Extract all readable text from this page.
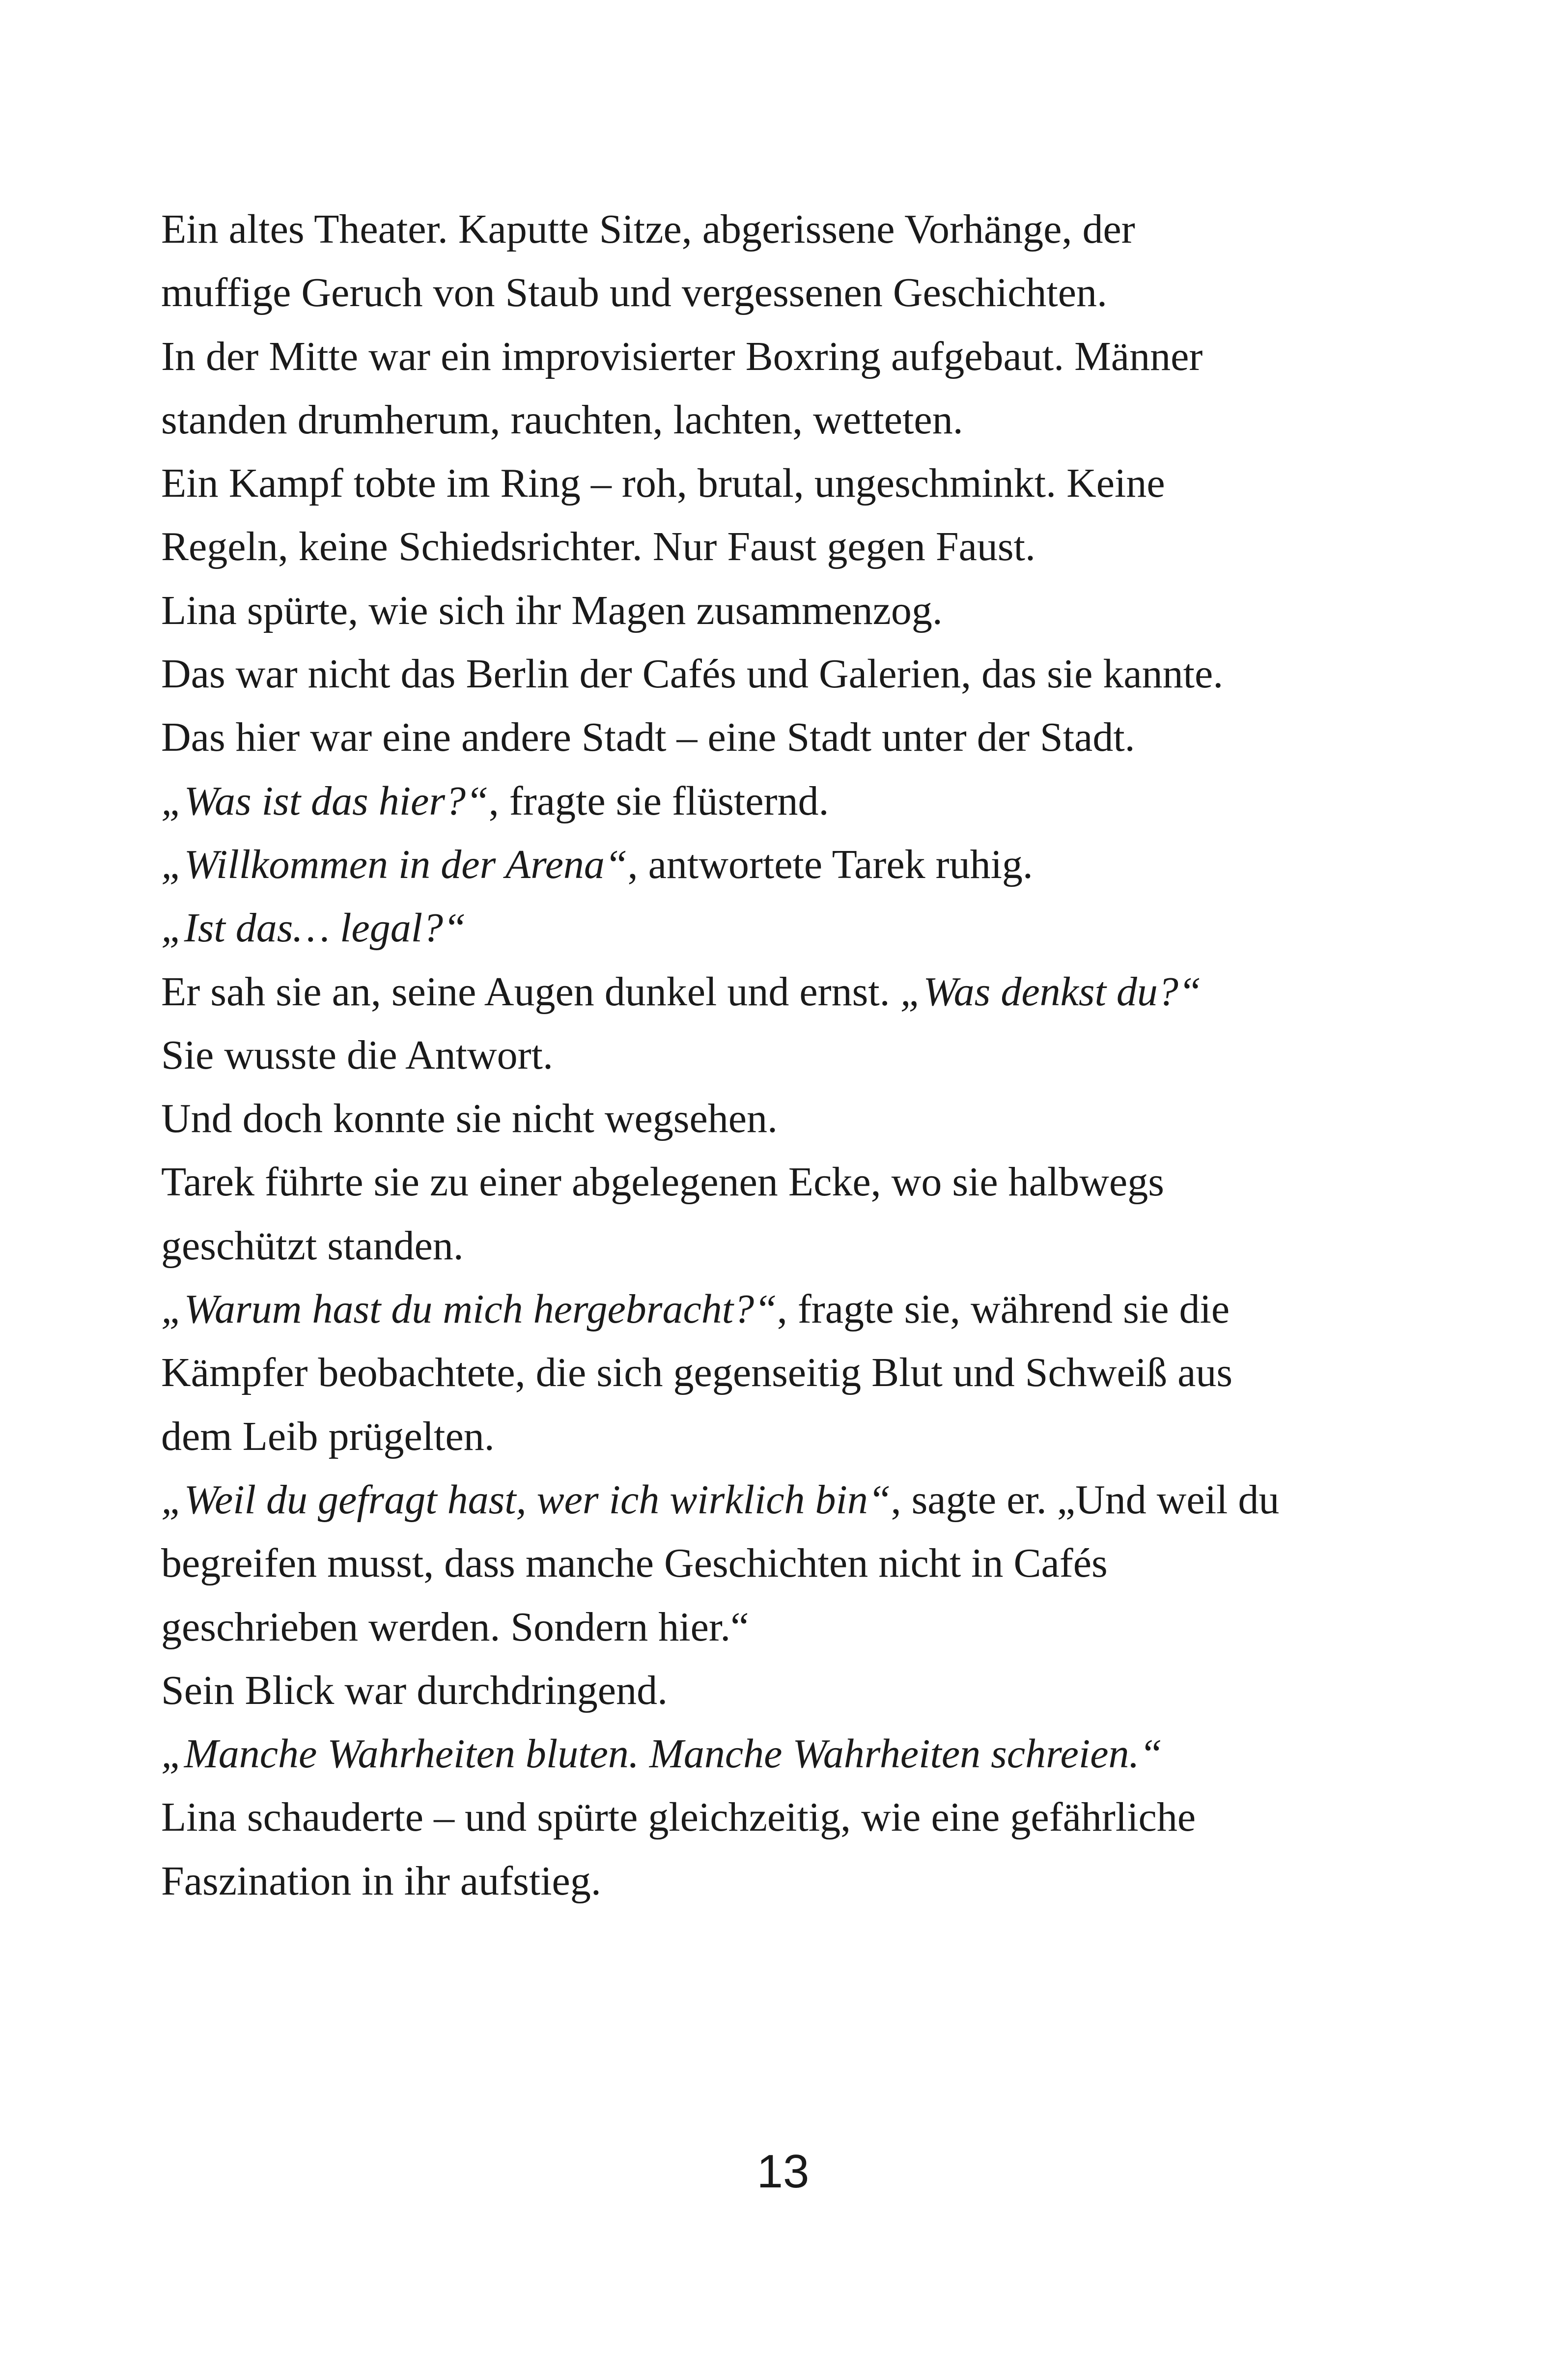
Ein altes Theater. Kaputte Sitze, abgerissene Vorhänge, der
muffige Geruch von Staub und vergessenen Geschichten.
In der Mitte war ein improvisierter Boxring aufgebaut. Männer
standen drumherum, rauchten, lachten, wetteten.
Ein Kampf tobte im Ring – roh, brutal, ungeschminkt. Keine
Regeln, keine Schiedsrichter. Nur Faust gegen Faust.
Lina spürte, wie sich ihr Magen zusammenzog.
Das war nicht das Berlin der Cafés und Galerien, das sie kannte.
Das hier war eine andere Stadt – eine Stadt unter der Stadt.
„Was ist das hier?“, fragte sie flüsternd.
„Willkommen in der Arena“, antwortete Tarek ruhig.
„Ist das… legal?“
Er sah sie an, seine Augen dunkel und ernst. „Was denkst du?“
Sie wusste die Antwort.
Und doch konnte sie nicht wegsehen.
Tarek führte sie zu einer abgelegenen Ecke, wo sie halbwegs
geschützt standen.
„Warum hast du mich hergebracht?“, fragte sie, während sie die
Kämpfer beobachtete, die sich gegenseitig Blut und Schweiß aus
dem Leib prügelten.
„Weil du gefragt hast, wer ich wirklich bin“, sagte er. „Und weil du
begreifen musst, dass manche Geschichten nicht in Cafés
geschrieben werden. Sondern hier.“
Sein Blick war durchdringend.
„Manche Wahrheiten bluten. Manche Wahrheiten schreien.“
Lina schauderte – und spürte gleichzeitig, wie eine gefährliche
Faszination in ihr aufstieg.
13
